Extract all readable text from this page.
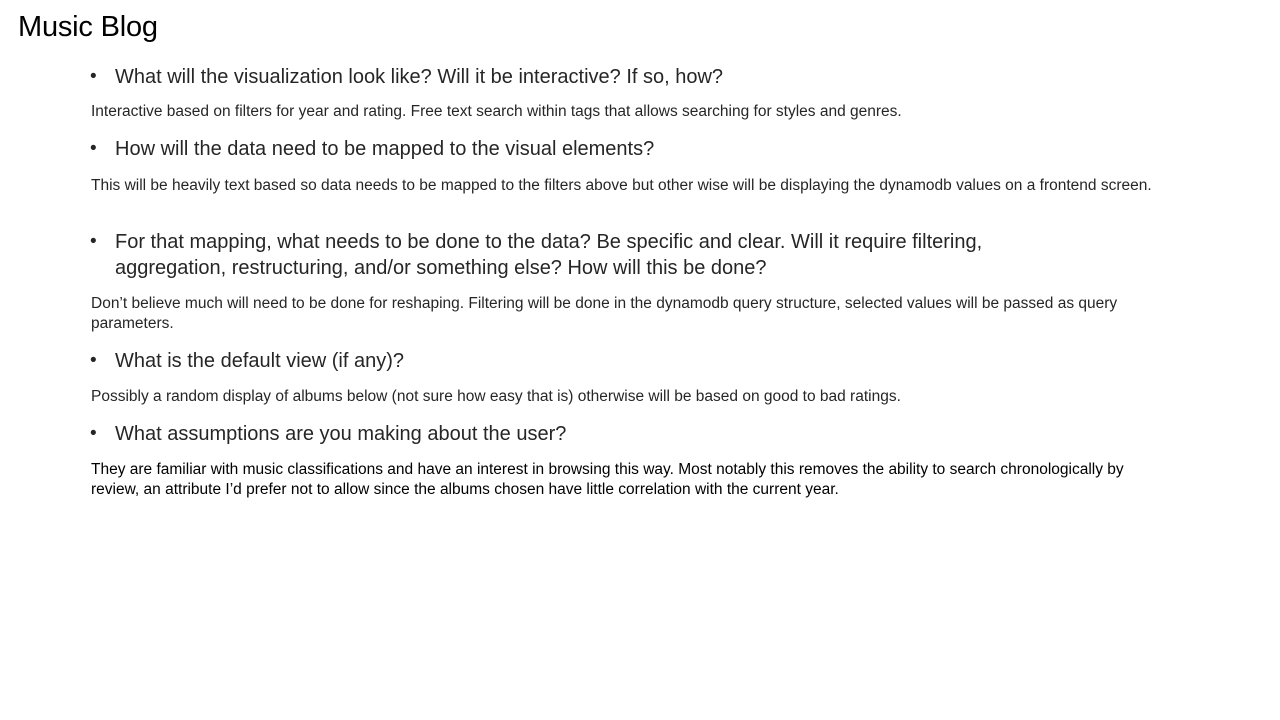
Music Blog
• What will the visualization look like? Will it be interactive? If so, how?
Interactive based on filters for year and rating. Free text search within tags that allows searching for styles and genres.
• How will the data need to be mapped to the visual elements?
This will be heavily text based so data needs to be mapped to the filters above but other wise will be displaying the dynamodb values on a frontend screen.
• For that mapping, what needs to be done to the data? Be specific and clear. Will it require filtering, aggregation, restructuring, and/or something else? How will this be done?
Don’t believe much will need to be done for reshaping. Filtering will be done in the dynamodb query structure, selected values will be passed as query parameters.
• What is the default view (if any)?
Possibly a random display of albums below (not sure how easy that is) otherwise will be based on good to bad ratings.
• What assumptions are you making about the user?
They are familiar with music classifications and have an interest in browsing this way. Most notably this removes the ability to search chronologically by review, an attribute I’d prefer not to allow since the albums chosen have little correlation with the current year.
